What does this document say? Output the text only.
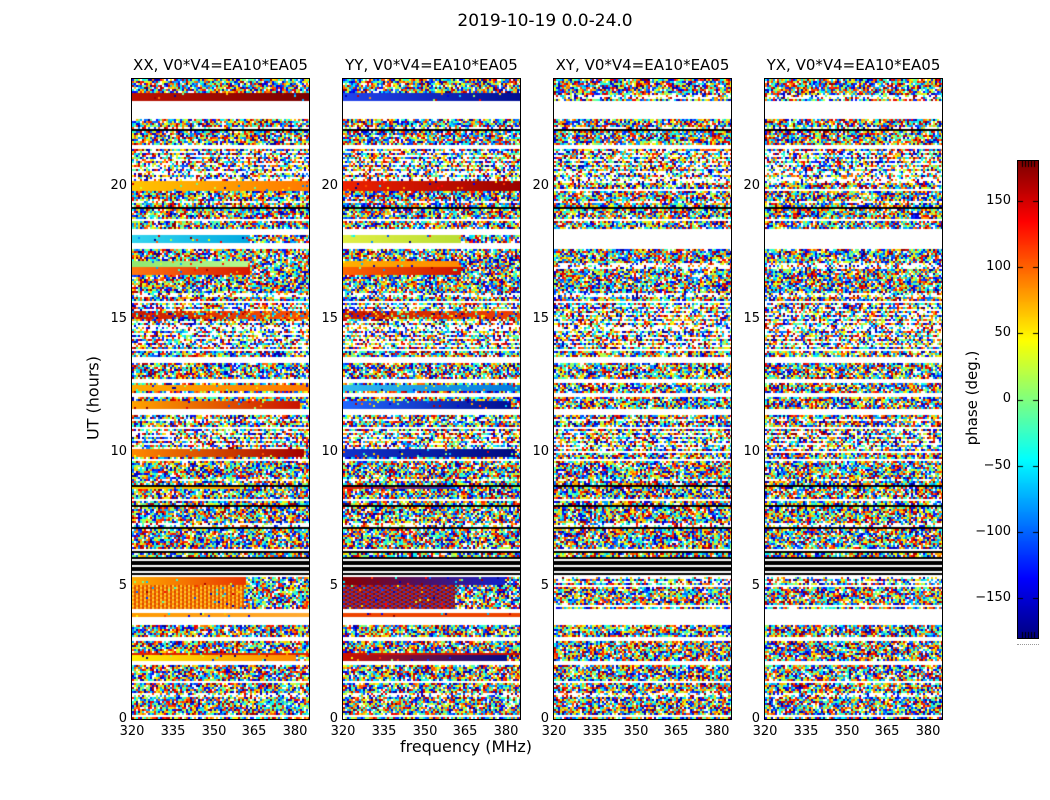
2019-10-19 0.0-24.0
UT (hours)
frequency (MHz)
XX, V0*V4=EA10*EA05
20
15
10
5
0
320	335	350	365	380
YY, V0*V4=EA10*EA05
20
15
10
5
0
320	335	350	365	380
XY, V0*V4=EA10*EA05
20
15
10
5
0
320	335	350	365	380
YX, V0*V4=EA10*EA05
20
15
10
5
0
320	335	350	365	380
150
100
50
0
−50
−100
−150
phase (deg.)
